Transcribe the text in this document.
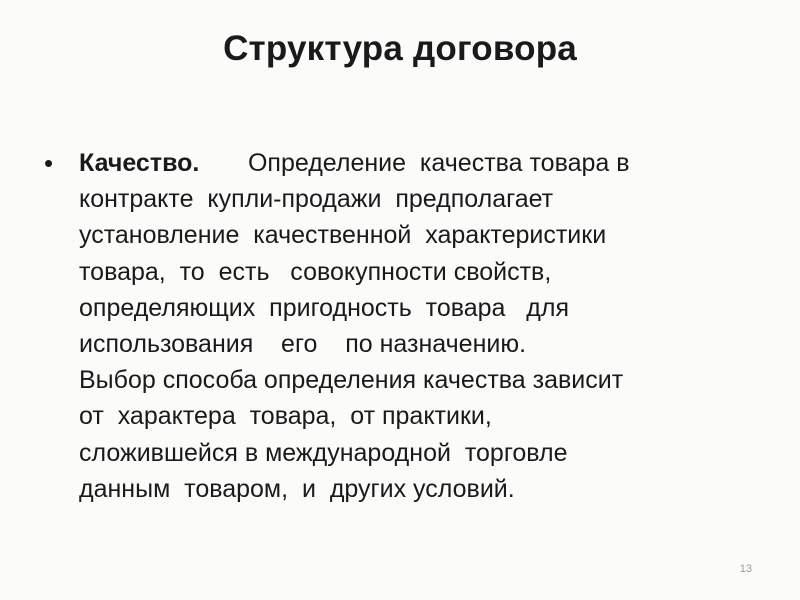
Структура договора
•	Качество.       Определение  качества товара в
контракте  купли-продажи  предполагает
установление  качественной  характеристики
товара,  то  есть   совокупности свойств,
определяющих  пригодность  товара   для
использования    его    по назначению.
Выбор способа определения качества зависит
от  характера  товара,  от практики,
сложившейся в международной  торговле
данным  товаром,  и  других условий.
13
